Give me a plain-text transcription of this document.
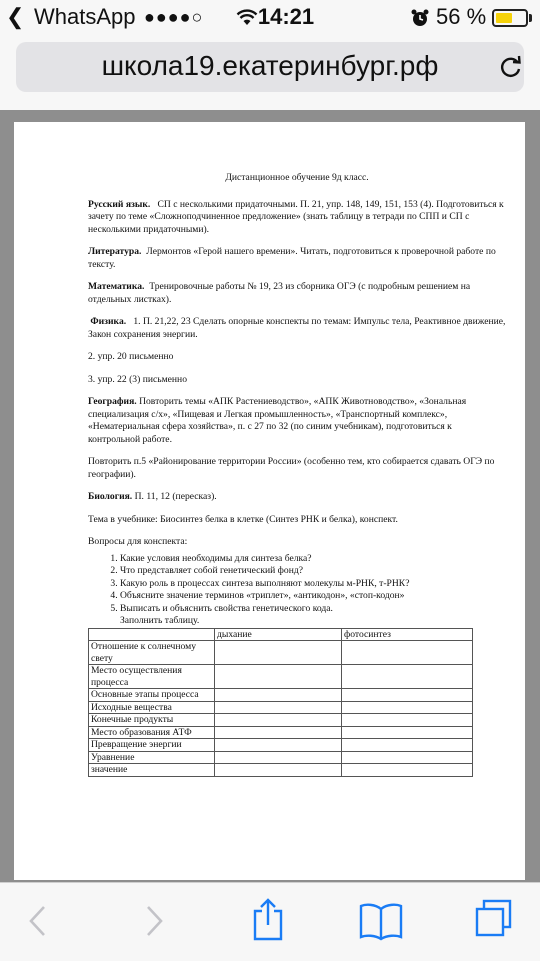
❮ WhatsApp ●●●●○	14:21	56 %
школа19.екатеринбург.рф
Дистанционное обучение 9д класс.

Русский язык. СП с несколькими придаточными. П. 21, упр. 148, 149, 151, 153 (4). Подготовиться к зачету по теме «Сложноподчиненное предложение» (знать таблицу в тетради по СПП и СП с несколькими придаточными).

Литература. Лермонтов «Герой нашего времени». Читать, подготовиться к проверочной работе по тексту.

Математика. Тренировочные работы № 19, 23 из сборника ОГЭ (с подробным решением на отдельных листках).

Физика. 1. П. 21,22, 23 Сделать опорные конспекты по темам: Импульс тела, Реактивное движение, Закон сохранения энергии.

2. упр. 20 письменно

3. упр. 22 (3) письменно

География. Повторить темы «АПК Растениеводство», «АПК Животноводство», «Зональная специализация с/х», «Пищевая и Легкая промышленность», «Транспортный комплекс», «Нематериальная сфера хозяйства», п. с 27 по 32 (по синим учебникам), подготовиться к контрольной работе.

Повторить п.5 «Районирование территории России» (особенно тем, кто собирается сдавать ОГЭ по географии).

Биология. П. 11, 12 (пересказ).

Тема в учебнике: Биосинтез белка в клетке (Синтез РНК и белка), конспект.

Вопросы для конспекта:

1. Какие условия необходимы для синтеза белка?
2. Что представляет собой генетический фонд?
3. Какую роль в процессах синтеза выполняют молекулы м-РНК, т-РНК?
4. Объясните значение терминов «триплет», «антикодон», «стоп-кодон»
5. Выписать и объяснить свойства генетического кода.
Заполнить таблицу.
	дыхание	фотосинтез
Отношение к солнечному свету		
Место осуществления процесса		
Основные этапы процесса		
Исходные вещества		
Конечные продукты		
Место образования АТФ		
Превращение энергии		
Уравнение		
значение		
